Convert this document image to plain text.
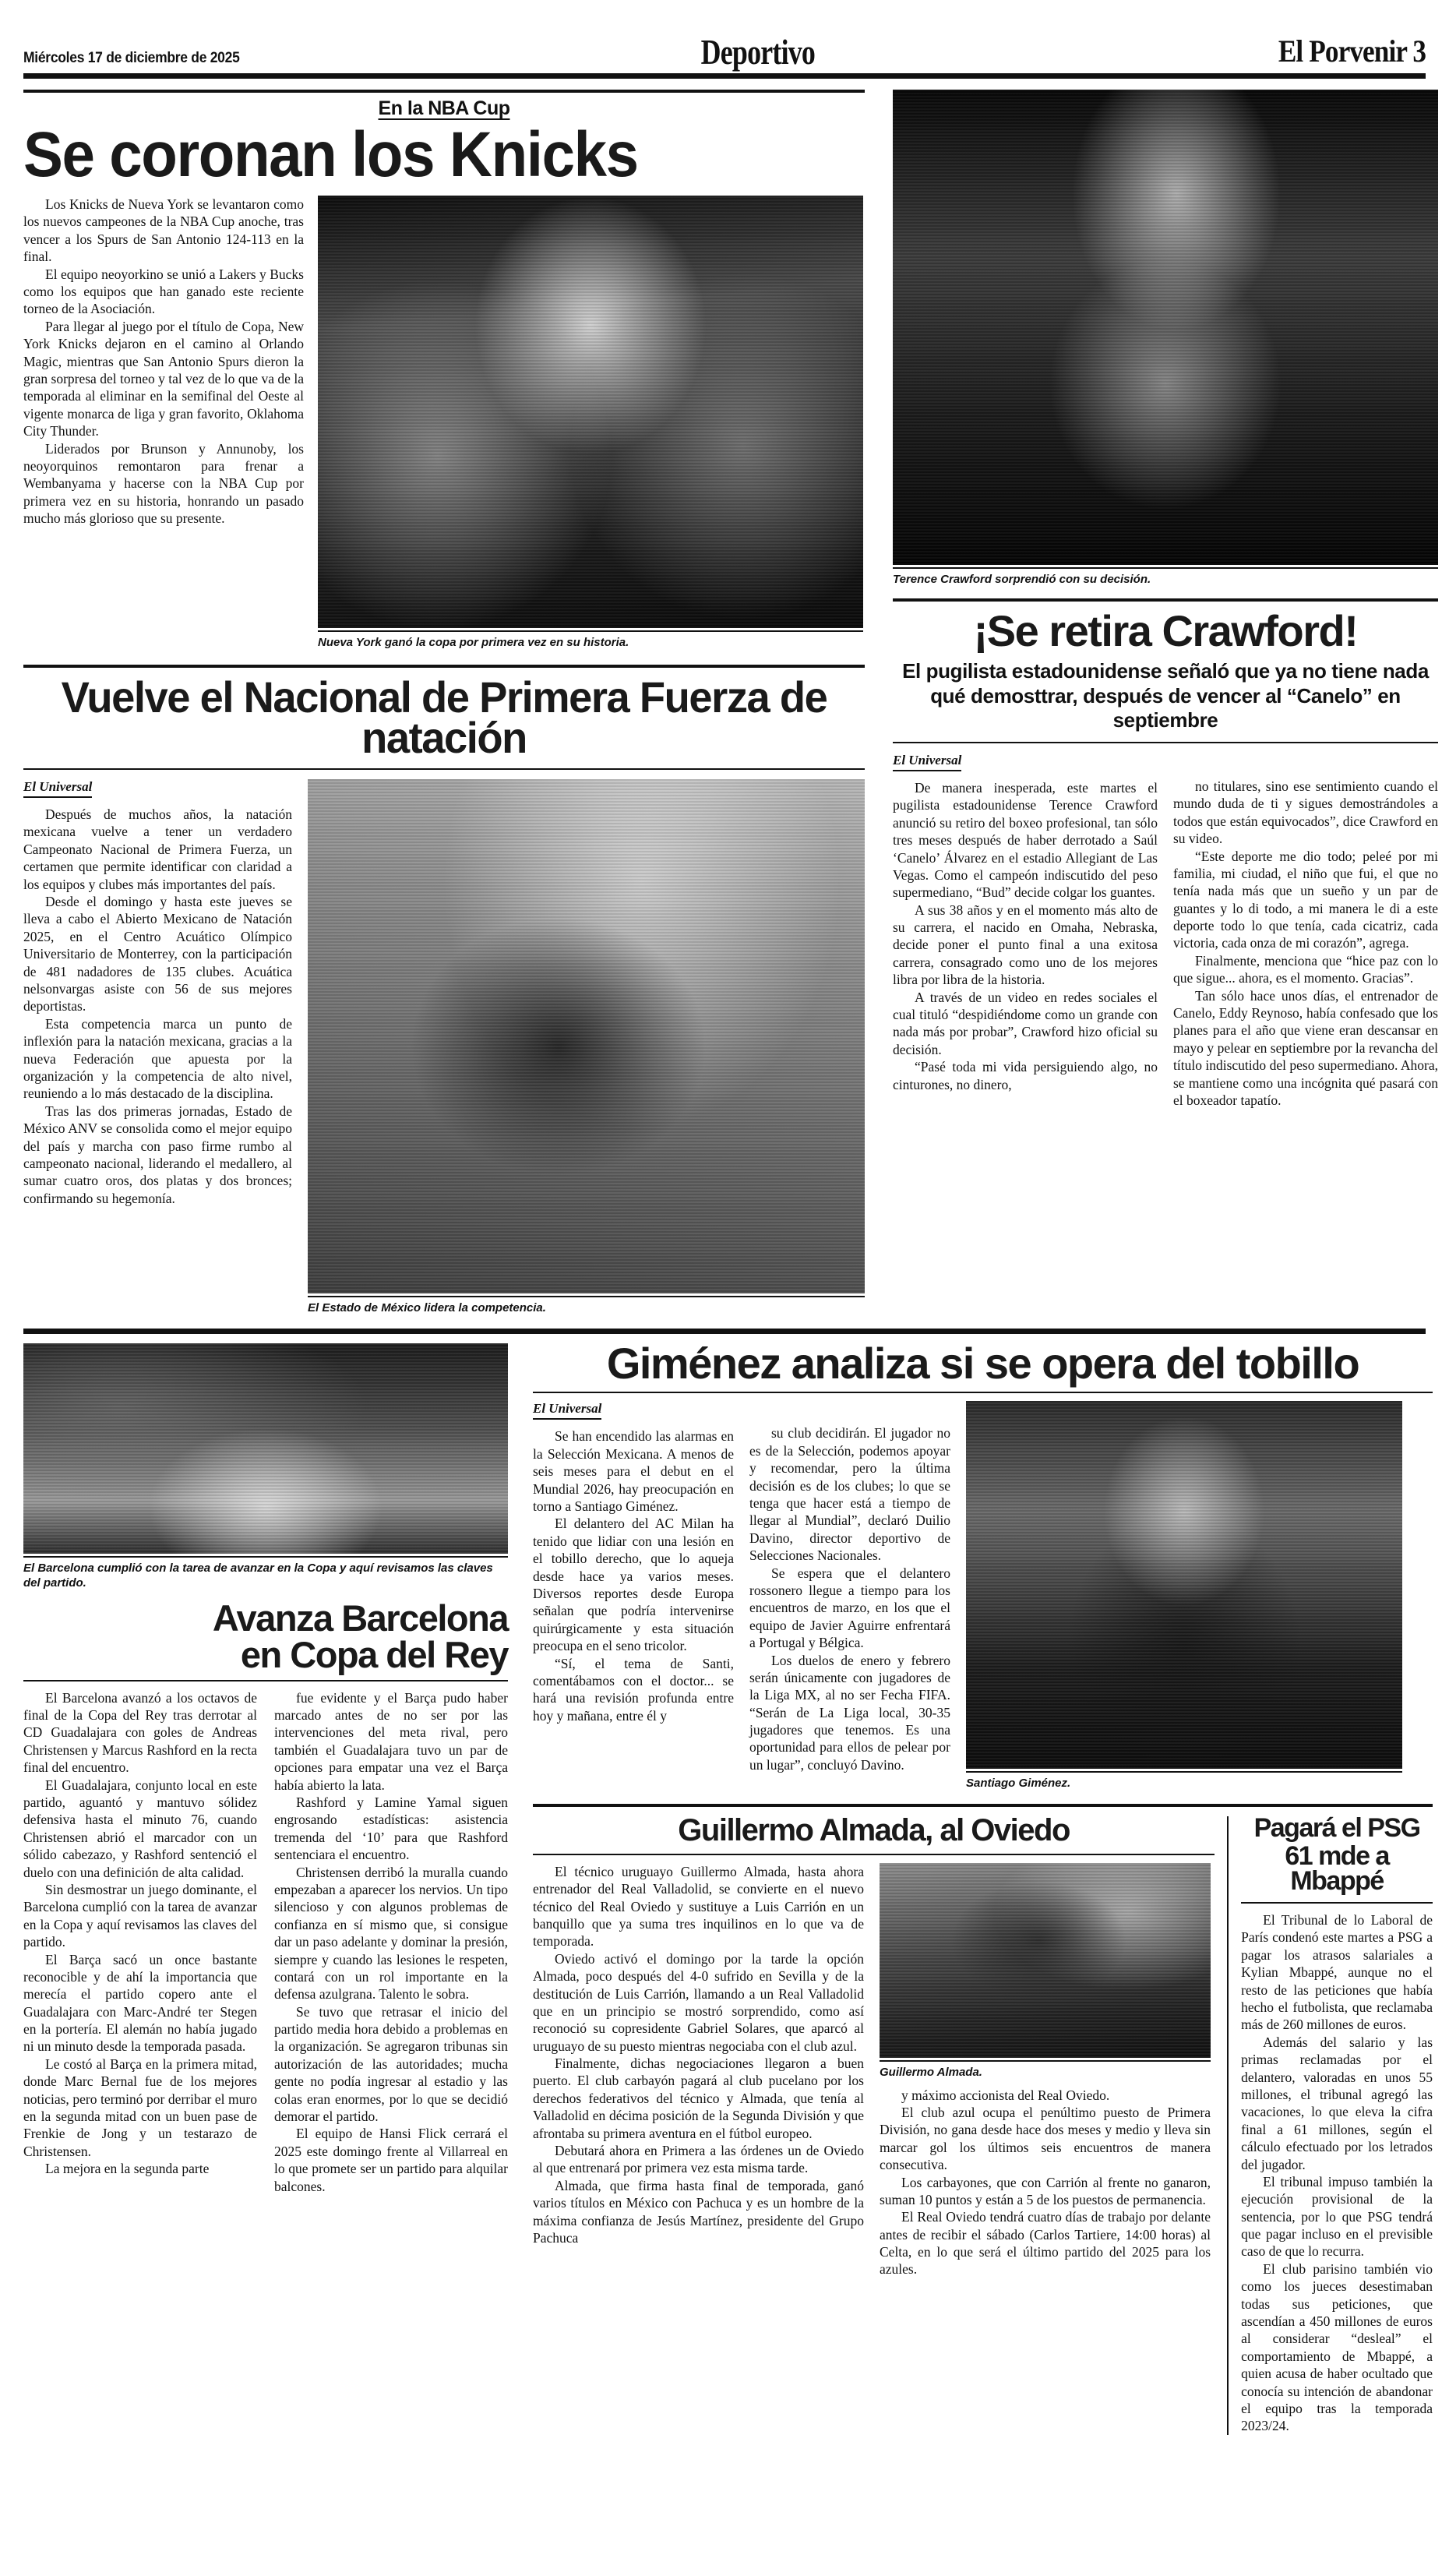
Miércoles 17 de diciembre de 2025	Deportivo	El Porvenir 3
En la NBA Cup
Se coronan los Knicks

Los Knicks de Nueva York se levantaron como los nuevos campeones de la NBA Cup anoche, tras vencer a los Spurs de San Antonio 124-113 en la final.

El equipo neoyorkino se unió a Lakers y Bucks como los equipos que han ganado este reciente torneo de la Asociación.

Para llegar al juego por el título de Copa, New York Knicks dejaron en el camino al Orlando Magic, mientras que San Antonio Spurs dieron la gran sorpresa del torneo y tal vez de lo que va de la temporada al eliminar en la semifinal del Oeste al vigente monarca de liga y gran favorito, Oklahoma City Thunder.

Liderados por Brunson y Annunoby, los neoyorquinos remontaron para frenar a Wembanyama y hacerse con la NBA Cup por primera vez en su historia, honrando un pasado mucho más glorioso que su presente.

Nueva York ganó la copa por primera vez en su historia.
Vuelve el Nacional de Primera Fuerza de natación
El Universal

Después de muchos años, la natación mexicana vuelve a tener un verdadero Campeonato Nacional de Primera Fuerza, un certamen que permite identificar con claridad a los equipos y clubes más importantes del país.

Desde el domingo y hasta este jueves se lleva a cabo el Abierto Mexicano de Natación 2025, en el Centro Acuático Olímpico Universitario de Monterrey, con la participación de 481 nadadores de 135 clubes. Acuática nelsonvargas asiste con 56 de sus mejores deportistas.

Esta competencia marca un punto de inflexión para la natación mexicana, gracias a la nueva Federación que apuesta por la organización y la competencia de alto nivel, reuniendo a lo más destacado de la disciplina.

Tras las dos primeras jornadas, Estado de México ANV se consolida como el mejor equipo del país y marcha con paso firme rumbo al campeonato nacional, liderando el medallero, al sumar cuatro oros, dos platas y dos bronces; confirmando su hegemonía.

El Estado de México lidera la competencia.
Terence Crawford sorprendió con su decisión.
¡Se retira Crawford!
El pugilista estadounidense señaló que ya no tiene nada qué demosttrar, después de vencer al “Canelo” en septiembre
El Universal

De manera inesperada, este martes el pugilista estadounidense Terence Crawford anunció su retiro del boxeo profesional, tan sólo tres meses después de haber derrotado a Saúl ‘Canelo’ Álvarez en el estadio Allegiant de Las Vegas. Como el campeón indiscutido del peso supermediano, “Bud” decide colgar los guantes.

A sus 38 años y en el momento más alto de su carrera, el nacido en Omaha, Nebraska, decide poner el punto final a una exitosa carrera, consagrado como uno de los mejores libra por libra de la historia.

A través de un video en redes sociales el cual tituló “despidiéndome como un grande con nada más por probar”, Crawford hizo oficial su decisión.

“Pasé toda mi vida persiguiendo algo, no cinturones, no dinero,

no titulares, sino ese sentimiento cuando el mundo duda de ti y sigues demostrándoles a todos que están equivocados”, dice Crawford en su video.

“Este deporte me dio todo; peleé por mi familia, mi ciudad, el niño que fui, el que no tenía nada más que un sueño y un par de guantes y lo di todo, a mi manera le di a este deporte todo lo que tenía, cada cicatriz, cada victoria, cada onza de mi corazón”, agrega.

Finalmente, menciona que “hice paz con lo que sigue... ahora, es el momento. Gracias”.

Tan sólo hace unos días, el entrenador de Canelo, Eddy Reynoso, había confesado que los planes para el año que viene eran descansar en mayo y pelear en septiembre por la revancha del título indiscutido del peso supermediano. Ahora, se mantiene como una incógnita qué pasará con el boxeador tapatío.

El Barcelona cumplió con la tarea de avanzar en la Copa y aquí revisamos las claves del partido.
Avanza Barcelona
en Copa del Rey

El Barcelona avanzó a los octavos de final de la Copa del Rey tras derrotar al CD Guadalajara con goles de Andreas Christensen y Marcus Rashford en la recta final del encuentro.

El Guadalajara, conjunto local en este partido, aguantó y mantuvo sólidez defensiva hasta el minuto 76, cuando Christensen abrió el marcador con un sólido cabezazo, y Rashford sentenció el duelo con una definición de alta calidad.

Sin desmostrar un juego dominante, el Barcelona cumplió con la tarea de avanzar en la Copa y aquí revisamos las claves del partido.

El Barça sacó un once bastante reconocible y de ahí la importancia que merecía el partido copero ante el Guadalajara con Marc-André ter Stegen en la portería. El alemán no había jugado ni un minuto desde la temporada pasada.

Le costó al Barça en la primera mitad, donde Marc Bernal fue de los mejores noticias, pero terminó por derribar el muro en la segunda mitad con un buen pase de Frenkie de Jong y un testarazo de Christensen.

La mejora en la segunda parte

fue evidente y el Barça pudo haber marcado antes de no ser por las intervenciones del meta rival, pero también el Guadalajara tuvo un par de opciones para empatar una vez el Barça había abierto la lata.

Rashford y Lamine Yamal siguen engrosando estadísticas: asistencia tremenda del ‘10’ para que Rashford sentenciara el encuentro.

Christensen derribó la muralla cuando empezaban a aparecer los nervios. Un tipo silencioso y con algunos problemas de confianza en sí mismo que, si consigue dar un paso adelante y dominar la presión, siempre y cuando las lesiones le respeten, contará con un rol importante en la defensa azulgrana. Talento le sobra.

Se tuvo que retrasar el inicio del partido media hora debido a problemas en la organización. Se agregaron tribunas sin autorización de las autoridades; mucha gente no podía ingresar al estadio y las colas eran enormes, por lo que se decidió demorar el partido.

El equipo de Hansi Flick cerrará el 2025 este domingo frente al Villarreal en lo que promete ser un partido para alquilar balcones.

Giménez analiza si se opera del tobillo
El Universal

Se han encendido las alarmas en la Selección Mexicana. A menos de seis meses para el debut en el Mundial 2026, hay preocupación en torno a Santiago Giménez.

El delantero del AC Milan ha tenido que lidiar con una lesión en el tobillo derecho, que lo aqueja desde hace ya varios meses. Diversos reportes desde Europa señalan que podría intervenirse quirúrgicamente y esta situación preocupa en el seno tricolor.

“Sí, el tema de Santi, comentábamos con el doctor... se hará una revisión profunda entre hoy y mañana, entre él y

su club decidirán. El jugador no es de la Selección, podemos apoyar y recomendar, pero la última decisión es de los clubes; lo que se tenga que hacer está a tiempo de llegar al Mundial”, declaró Duilio Davino, director deportivo de Selecciones Nacionales.

Se espera que el delantero rossonero llegue a tiempo para los encuentros de marzo, en los que el equipo de Javier Aguirre enfrentará a Portugal y Bélgica.

Los duelos de enero y febrero serán únicamente con jugadores de la Liga MX, al no ser Fecha FIFA. “Serán de La Liga local, 30-35 jugadores que tenemos. Es una oportunidad para ellos de pelear por un lugar”, concluyó Davino.

Santiago Giménez.
Guillermo Almada, al Oviedo

El técnico uruguayo Guillermo Almada, hasta ahora entrenador del Real Valladolid, se convierte en el nuevo técnico del Real Oviedo y sustituye a Luis Carrión en un banquillo que ya suma tres inquilinos en lo que va de temporada.

Oviedo activó el domingo por la tarde la opción Almada, poco después del 4-0 sufrido en Sevilla y de la destitución de Luis Carrión, llamando a un Real Valladolid que en un principio se mostró sorprendido, como así reconoció su copresidente Gabriel Solares, que aparcó al uruguayo de su puesto mientras negociaba con el club azul.

Finalmente, dichas negociaciones llegaron a buen puerto. El club carbayón pagará al club pucelano por los derechos federativos del técnico y Almada, que tenía al Valladolid en décima posición de la Segunda División y que afrontaba su primera aventura en el fútbol europeo.

Debutará ahora en Primera a las órdenes un de Oviedo al que entrenará por primera vez esta misma tarde.

Almada, que firma hasta final de temporada, ganó varios títulos en México con Pachuca y es un hombre de la máxima confianza de Jesús Martínez, presidente del Grupo Pachuca

Guillermo Almada.

y máximo accionista del Real Oviedo.

El club azul ocupa el penúltimo puesto de Primera División, no gana desde hace dos meses y medio y lleva sin marcar gol los últimos seis encuentros de manera consecutiva.

Los carbayones, que con Carrión al frente no ganaron, suman 10 puntos y están a 5 de los puestos de permanencia.

El Real Oviedo tendrá cuatro días de trabajo por delante antes de recibir el sábado (Carlos Tartiere, 14:00 horas) al Celta, en lo que será el último partido del 2025 para los azules.

Pagará el PSG
61 mde a Mbappé

El Tribunal de lo Laboral de París condenó este martes a PSG a pagar los atrasos salariales a Kylian Mbappé, aunque no el resto de las peticiones que había hecho el futbolista, que reclamaba más de 260 millones de euros.

Además del salario y las primas reclamadas por el delantero, valoradas en unos 55 millones, el tribunal agregó las vacaciones, lo que eleva la cifra final a 61 millones, según el cálculo efectuado por los letrados del jugador.

El tribunal impuso también la ejecución provisional de la sentencia, por lo que PSG tendrá que pagar incluso en el previsible caso de que lo recurra.

El club parisino también vio como los jueces desestimaban todas sus peticiones, que ascendían a 450 millones de euros al considerar “desleal” el comportamiento de Mbappé, a quien acusa de haber ocultado que conocía su intención de abandonar el equipo tras la temporada 2023/24.
